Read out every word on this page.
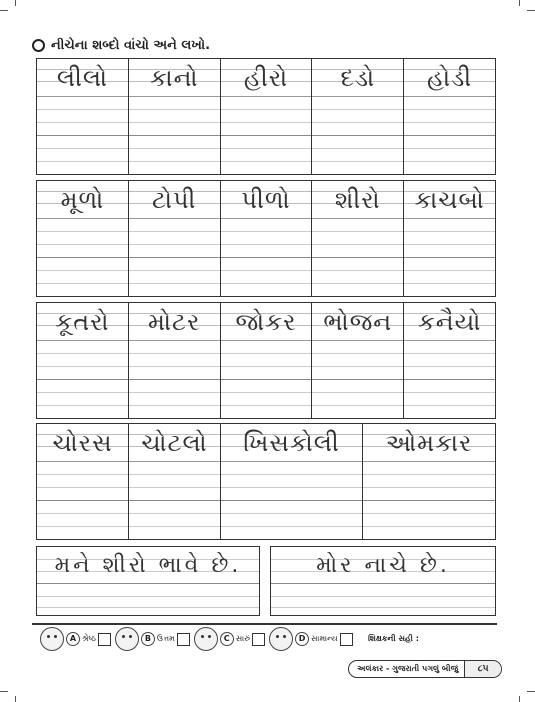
નીચેના શબ્દો વાંચો અને લખો.
લીલો	કાનો	હીરો	દડો	હોડી
મૂળો	ટોપી	પીળો	શીરો	કાચબો
કૂતરો	મોટર	જોકર	ભોજન	કનૈયો
ચોરસ	ચોટલો	ખિસકોલી	ઓમકાર
મને શીરો ભાવે છે.	મોર નાચે છે.
A શ્રેષ્ઠ	B ઉત્તમ	C સારું	D સામાન્ય	શિક્ષકની સહી :
અલંકાર - ગુજરાતી પગલું બીજું	૮૫
